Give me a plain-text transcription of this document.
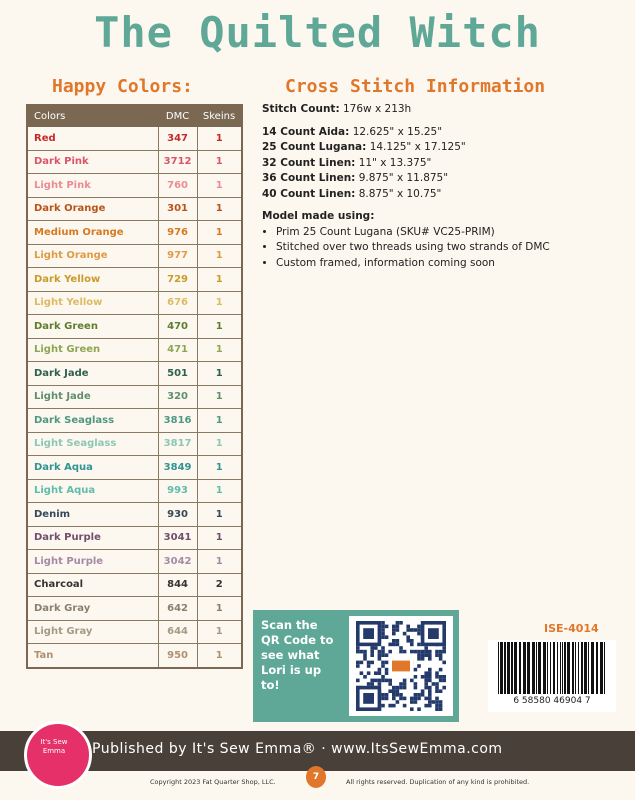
The Quilted Witch
Happy Colors:	Cross Stitch Information
Colors	DMC	Skeins
Red	347	1
Dark Pink	3712	1
Light Pink	760	1
Dark Orange	301	1
Medium Orange	976	1
Light Orange	977	1
Dark Yellow	729	1
Light Yellow	676	1
Dark Green	470	1
Light Green	471	1
Dark Jade	501	1
Light Jade	320	1
Dark Seaglass	3816	1
Light Seaglass	3817	1
Dark Aqua	3849	1
Light Aqua	993	1
Denim	930	1
Dark Purple	3041	1
Light Purple	3042	1
Charcoal	844	2
Dark Gray	642	1
Light Gray	644	1
Tan	950	1
Stitch Count: 176w x 213h
14 Count Aida: 12.625" x 15.25"
25 Count Lugana: 14.125" x 17.125"
32 Count Linen: 11" x 13.375"
36 Count Linen: 9.875" x 11.875"
40 Count Linen: 8.875" x 10.75"
Model made using:
• Prim 25 Count Lugana (SKU# VC25-PRIM)
• Stitched over two threads using two strands of DMC
• Custom framed, information coming soon
Scan the QR Code to see what Lori is up to!
ISE-4014
6 58580 46904 7
It's Sew Emma	Published by It's Sew Emma® · www.ItsSewEmma.com
Copyright 2023 Fat Quarter Shop, LLC.	7	All rights reserved. Duplication of any kind is prohibited.
